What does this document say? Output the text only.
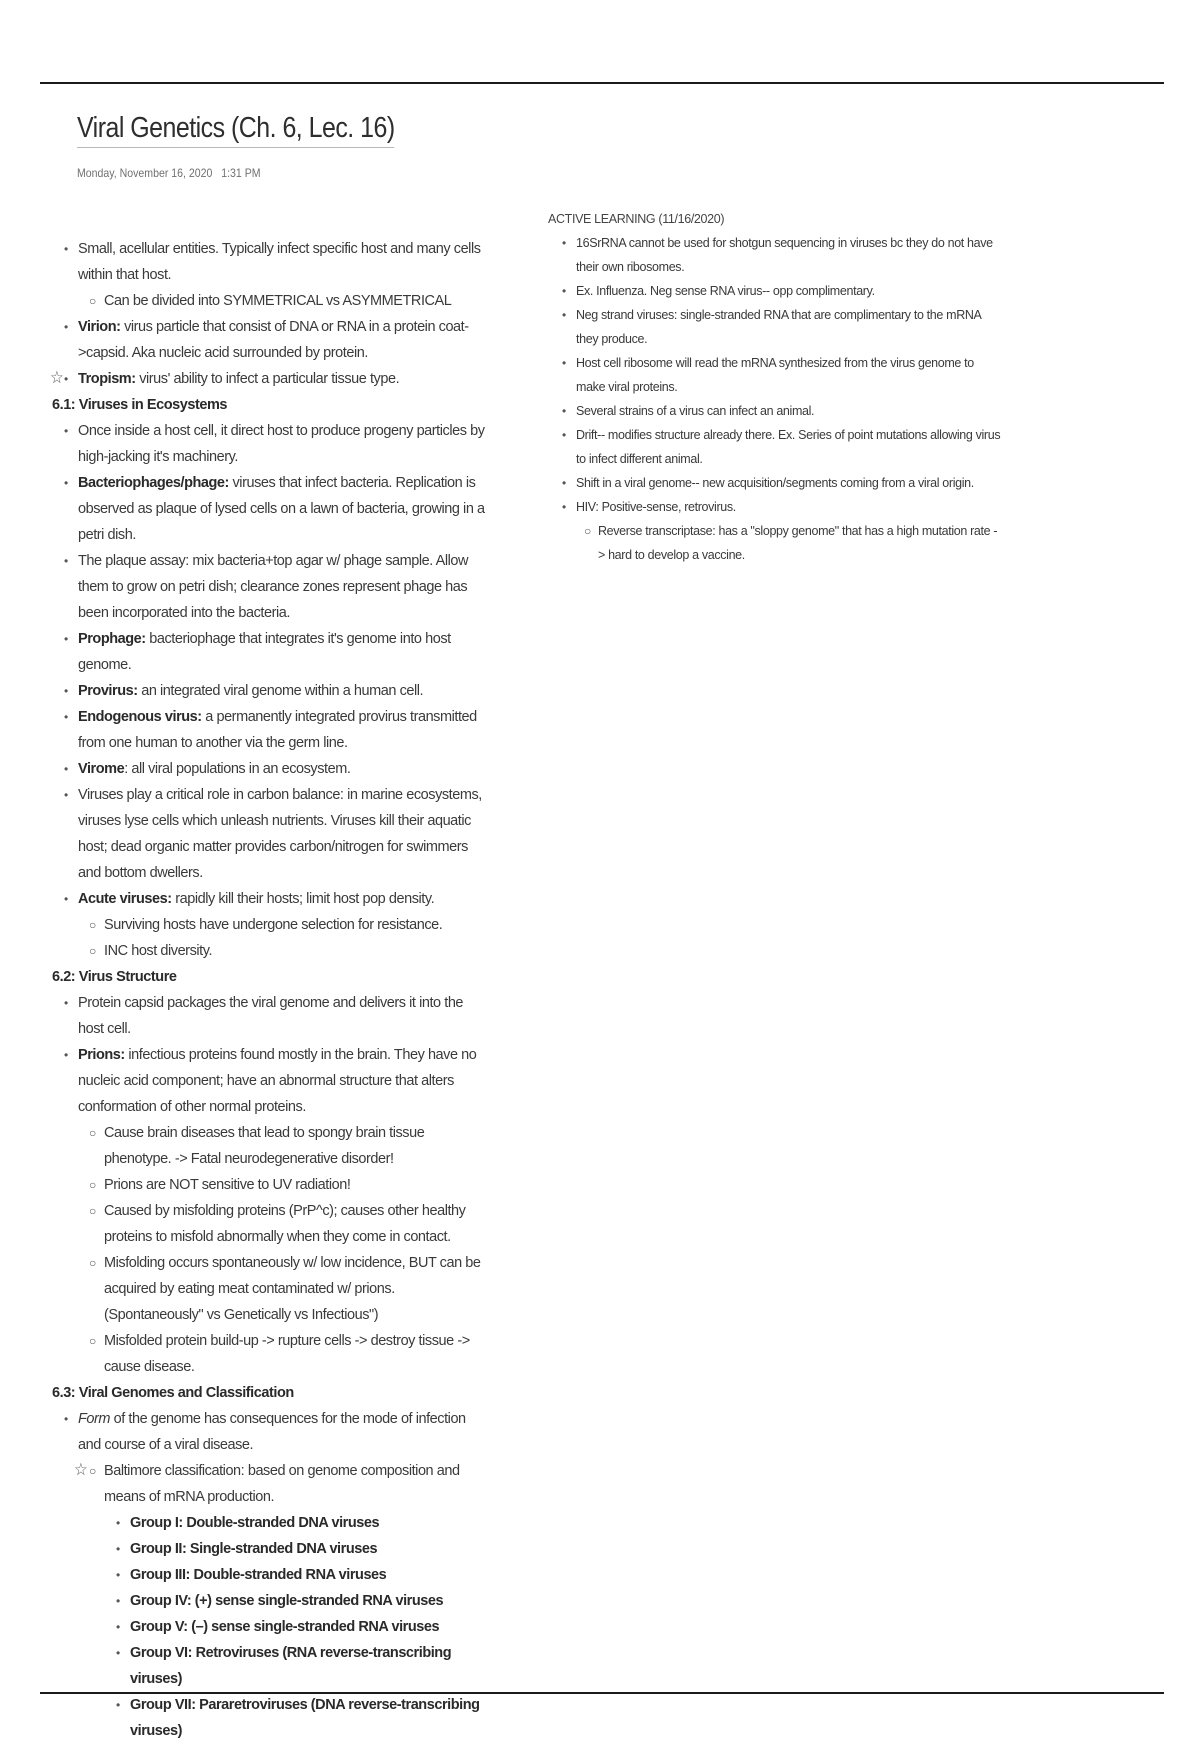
Viral Genetics (Ch. 6, Lec. 16)
Monday, November 16, 2020 1:31 PM
• Small, acellular entities. Typically infect specific host and many cells within that host.
○ Can be divided into SYMMETRICAL vs ASYMMETRICAL
• Virion: virus particle that consist of DNA or RNA in a protein coat->capsid. Aka nucleic acid surrounded by protein.
☆ • Tropism: virus' ability to infect a particular tissue type.
6.1: Viruses in Ecosystems
• Once inside a host cell, it direct host to produce progeny particles by high-jacking it's machinery.
• Bacteriophages/phage: viruses that infect bacteria. Replication is observed as plaque of lysed cells on a lawn of bacteria, growing in a petri dish.
• The plaque assay: mix bacteria+top agar w/ phage sample. Allow them to grow on petri dish; clearance zones represent phage has been incorporated into the bacteria.
• Prophage: bacteriophage that integrates it's genome into host genome.
• Provirus: an integrated viral genome within a human cell.
• Endogenous virus: a permanently integrated provirus transmitted from one human to another via the germ line.
• Virome: all viral populations in an ecosystem.
• Viruses play a critical role in carbon balance: in marine ecosystems, viruses lyse cells which unleash nutrients. Viruses kill their aquatic host; dead organic matter provides carbon/nitrogen for swimmers and bottom dwellers.
• Acute viruses: rapidly kill their hosts; limit host pop density.
○ Surviving hosts have undergone selection for resistance.
○ INC host diversity.
6.2: Virus Structure
• Protein capsid packages the viral genome and delivers it into the host cell.
• Prions: infectious proteins found mostly in the brain. They have no nucleic acid component; have an abnormal structure that alters conformation of other normal proteins.
○ Cause brain diseases that lead to spongy brain tissue phenotype. -> Fatal neurodegenerative disorder!
○ Prions are NOT sensitive to UV radiation!
○ Caused by misfolding proteins (PrP^c); causes other healthy proteins to misfold abnormally when they come in contact.
○ Misfolding occurs spontaneously w/ low incidence, BUT can be acquired by eating meat contaminated w/ prions. (Spontaneously" vs Genetically vs Infectious")
○ Misfolded protein build-up -> rupture cells -> destroy tissue -> cause disease.
6.3: Viral Genomes and Classification
• Form of the genome has consequences for the mode of infection and course of a viral disease.
☆ ○ Baltimore classification: based on genome composition and means of mRNA production.
• Group I: Double-stranded DNA viruses
• Group II: Single-stranded DNA viruses
• Group III: Double-stranded RNA viruses
• Group IV: (+) sense single-stranded RNA viruses
• Group V: (–) sense single-stranded RNA viruses
• Group VI: Retroviruses (RNA reverse-transcribing viruses)
• Group VII: Pararetroviruses (DNA reverse-transcribing viruses)
ACTIVE LEARNING (11/16/2020)
• 16SrRNA cannot be used for shotgun sequencing in viruses bc they do not have their own ribosomes.
• Ex. Influenza. Neg sense RNA virus-- opp complimentary.
• Neg strand viruses: single-stranded RNA that are complimentary to the mRNA they produce.
• Host cell ribosome will read the mRNA synthesized from the virus genome to make viral proteins.
• Several strains of a virus can infect an animal.
• Drift-- modifies structure already there. Ex. Series of point mutations allowing virus to infect different animal.
• Shift in a viral genome-- new acquisition/segments coming from a viral origin.
• HIV: Positive-sense, retrovirus.
○ Reverse transcriptase: has a "sloppy genome" that has a high mutation rate -> hard to develop a vaccine.
